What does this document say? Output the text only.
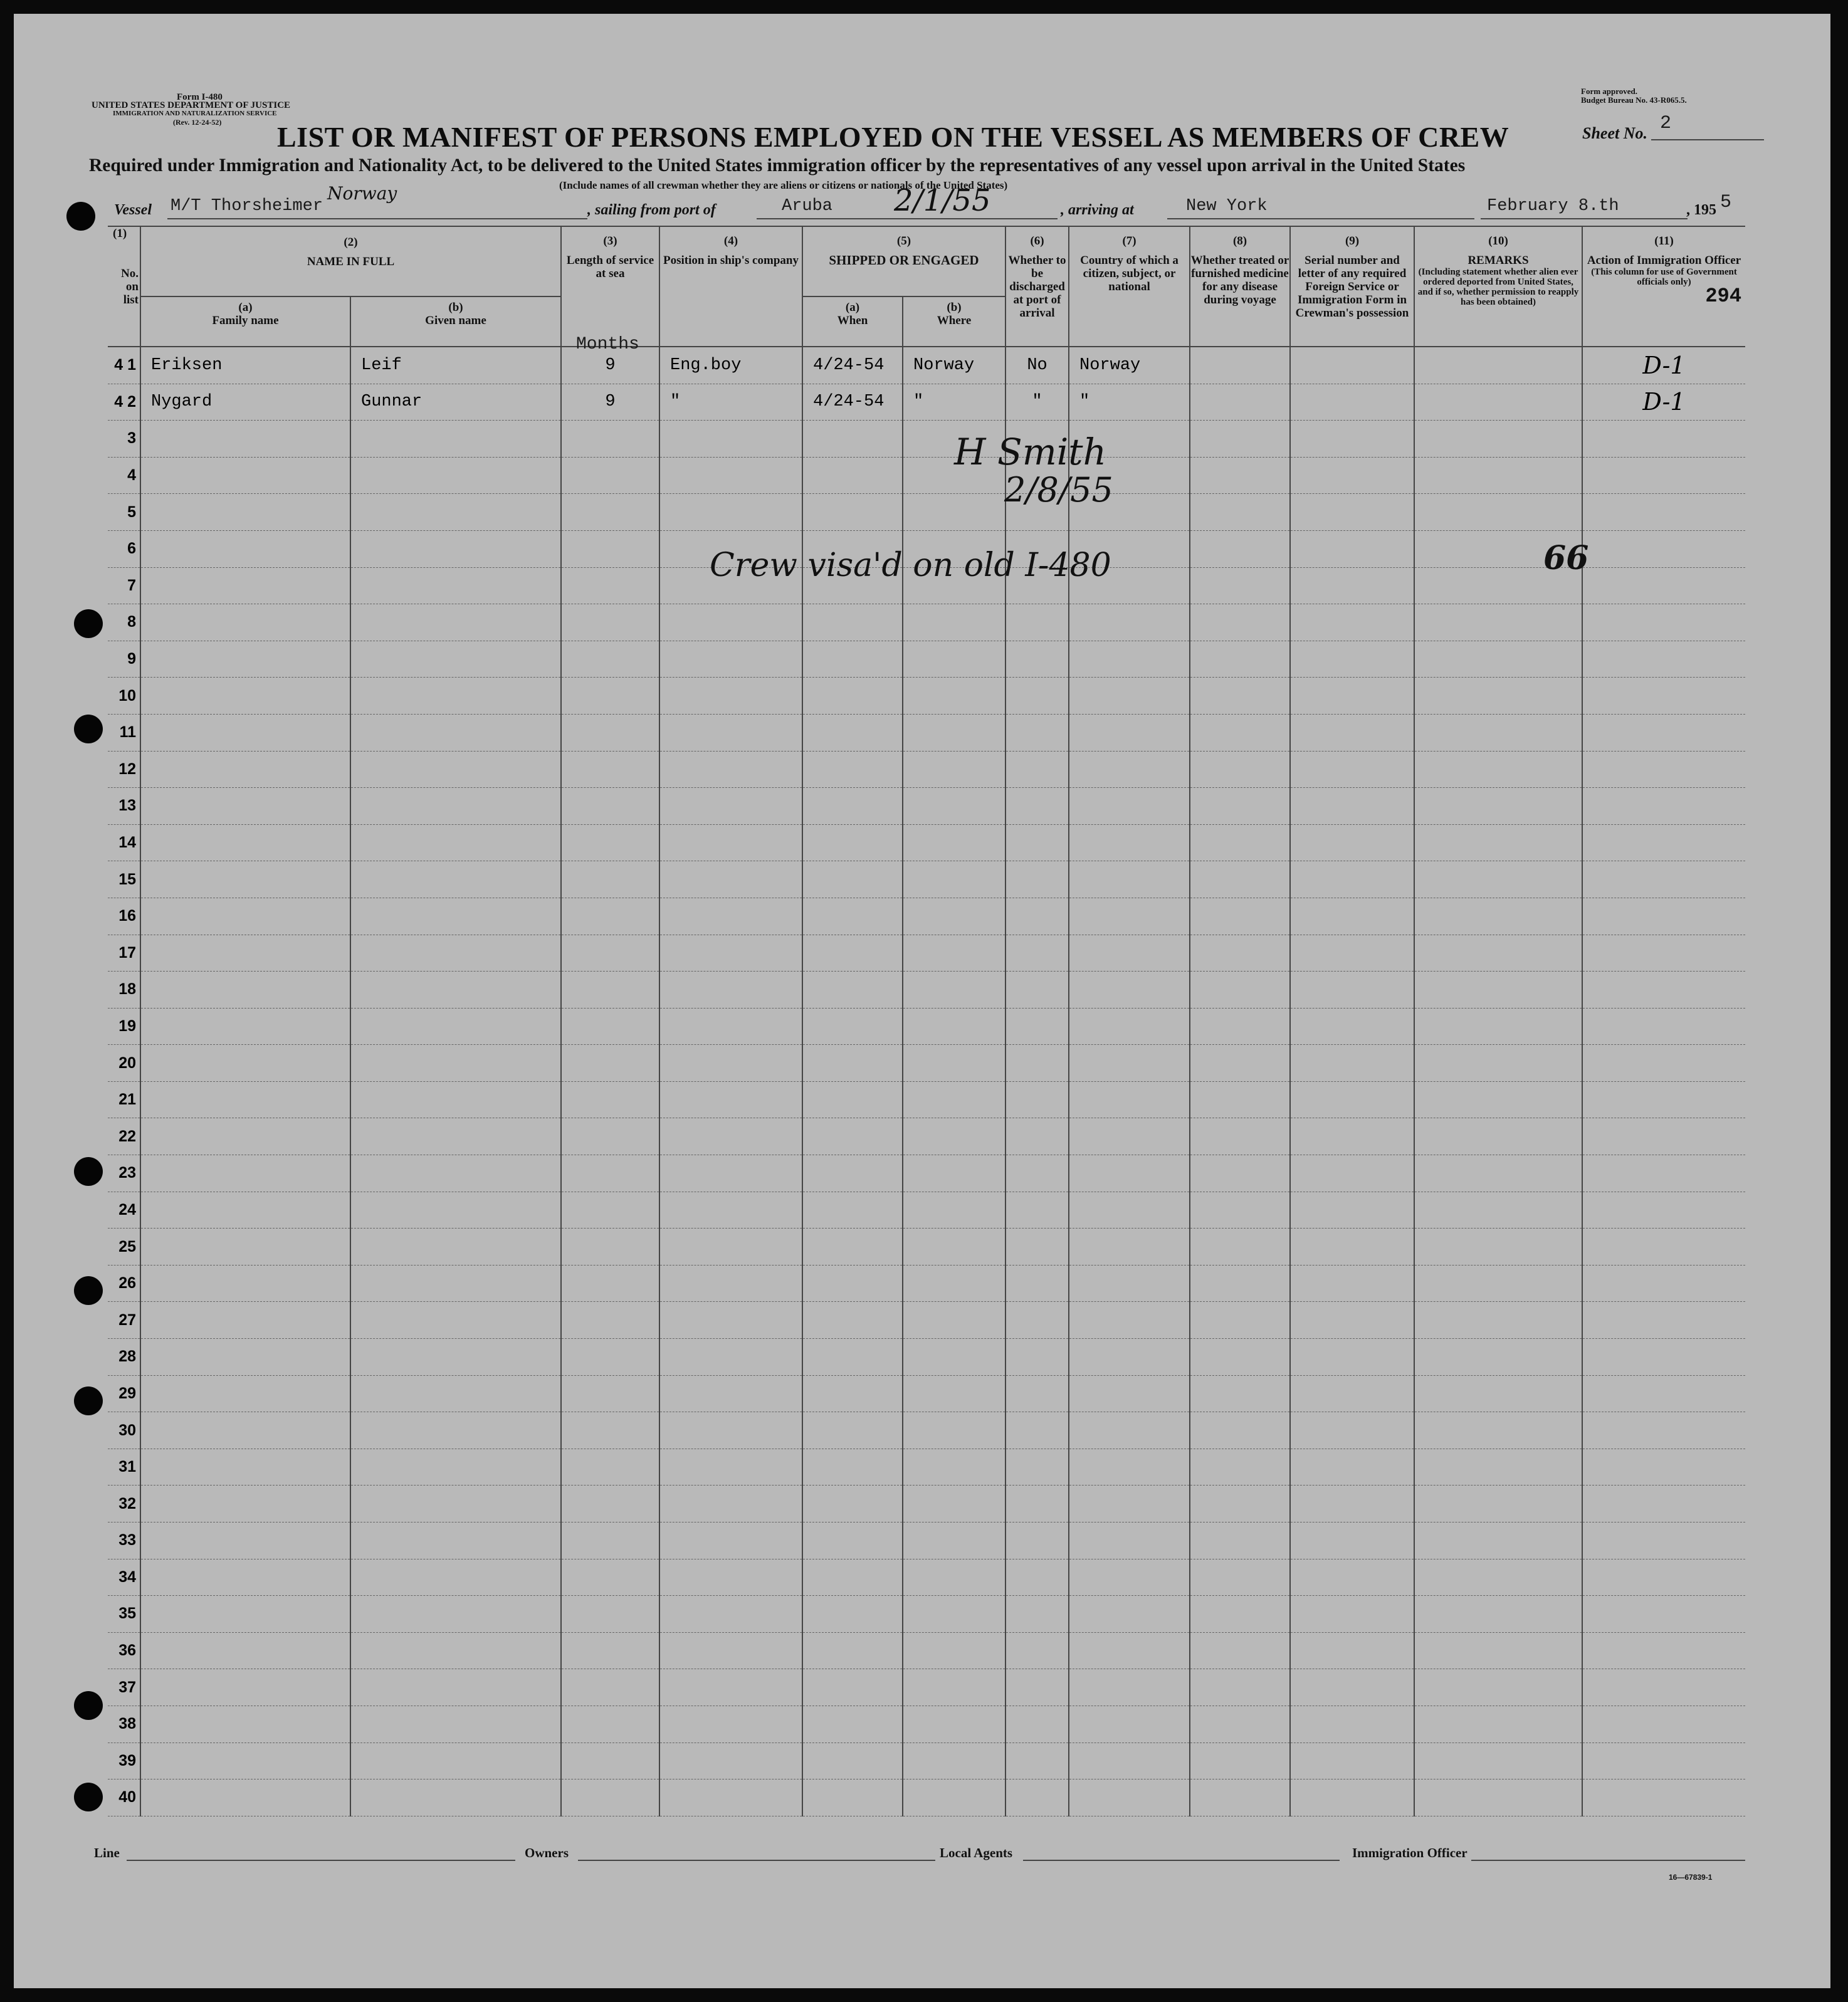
Form I-480
UNITED STATES DEPARTMENT OF JUSTICE
IMMIGRATION AND NATURALIZATION SERVICE
(Rev. 12-24-52)
Form approved.
Budget Bureau No. 43-R065.5.
LIST OR MANIFEST OF PERSONS EMPLOYED ON THE VESSEL AS MEMBERS OF CREW	Sheet No. 2
Required under Immigration and Nationality Act, to be delivered to the United States immigration officer by the representatives of any vessel upon arrival in the United States
(Include names of all crewman whether they are aliens or citizens or nationals of the United States)
Vessel M/T Thorsheimer
Norway
, sailing from port of	Aruba 2/1/55	, arriving at	New York	February 8.th	, 195 5
(1)
No. on list	(2)
NAME IN FULL		(3)
Length of service at sea	(4)
Position in ship's company	(5)
SHIPPED OR ENGAGED		(6)
Whether to be discharged at port of arrival	(7)
Country of which a citizen, subject, or national	(8)
Whether treated or furnished medicine for any disease during voyage	(9)
Serial number and letter of any required Foreign Service or Immigration Form in Crewman's possession	(10)
REMARKS
(Including statement whether alien ever ordered deported from United States, and if so, whether permission to reapply has been obtained)	(11)
Action of Immigration Officer
(This column for use of Government officials only)
294

	(a)
Family name	(b)
Given name			(a)
When	(b)
Where						
4 1	Eriksen	Leif	9	Eng.boy	4/24-54	Norway	No	Norway				D-1
4 2	Nygard	Gunnar	9	"	4/24-54	"	"	"				D-1
3												
4												
5												
6												
7												
8												
9												
10												
11												
12												
13												
14												
15												
16												
17												
18												
19												
20												
21												
22												
23												
24												
25												
26												
27												
28												
29												
30												
31												
32												
33												
34												
35												
36												
37												
38												
39												
40												
Months
H Smith
2/8/55
Crew visa'd on old I-480	66
Line	Owners	Local Agents	Immigration Officer
16—67839-1
